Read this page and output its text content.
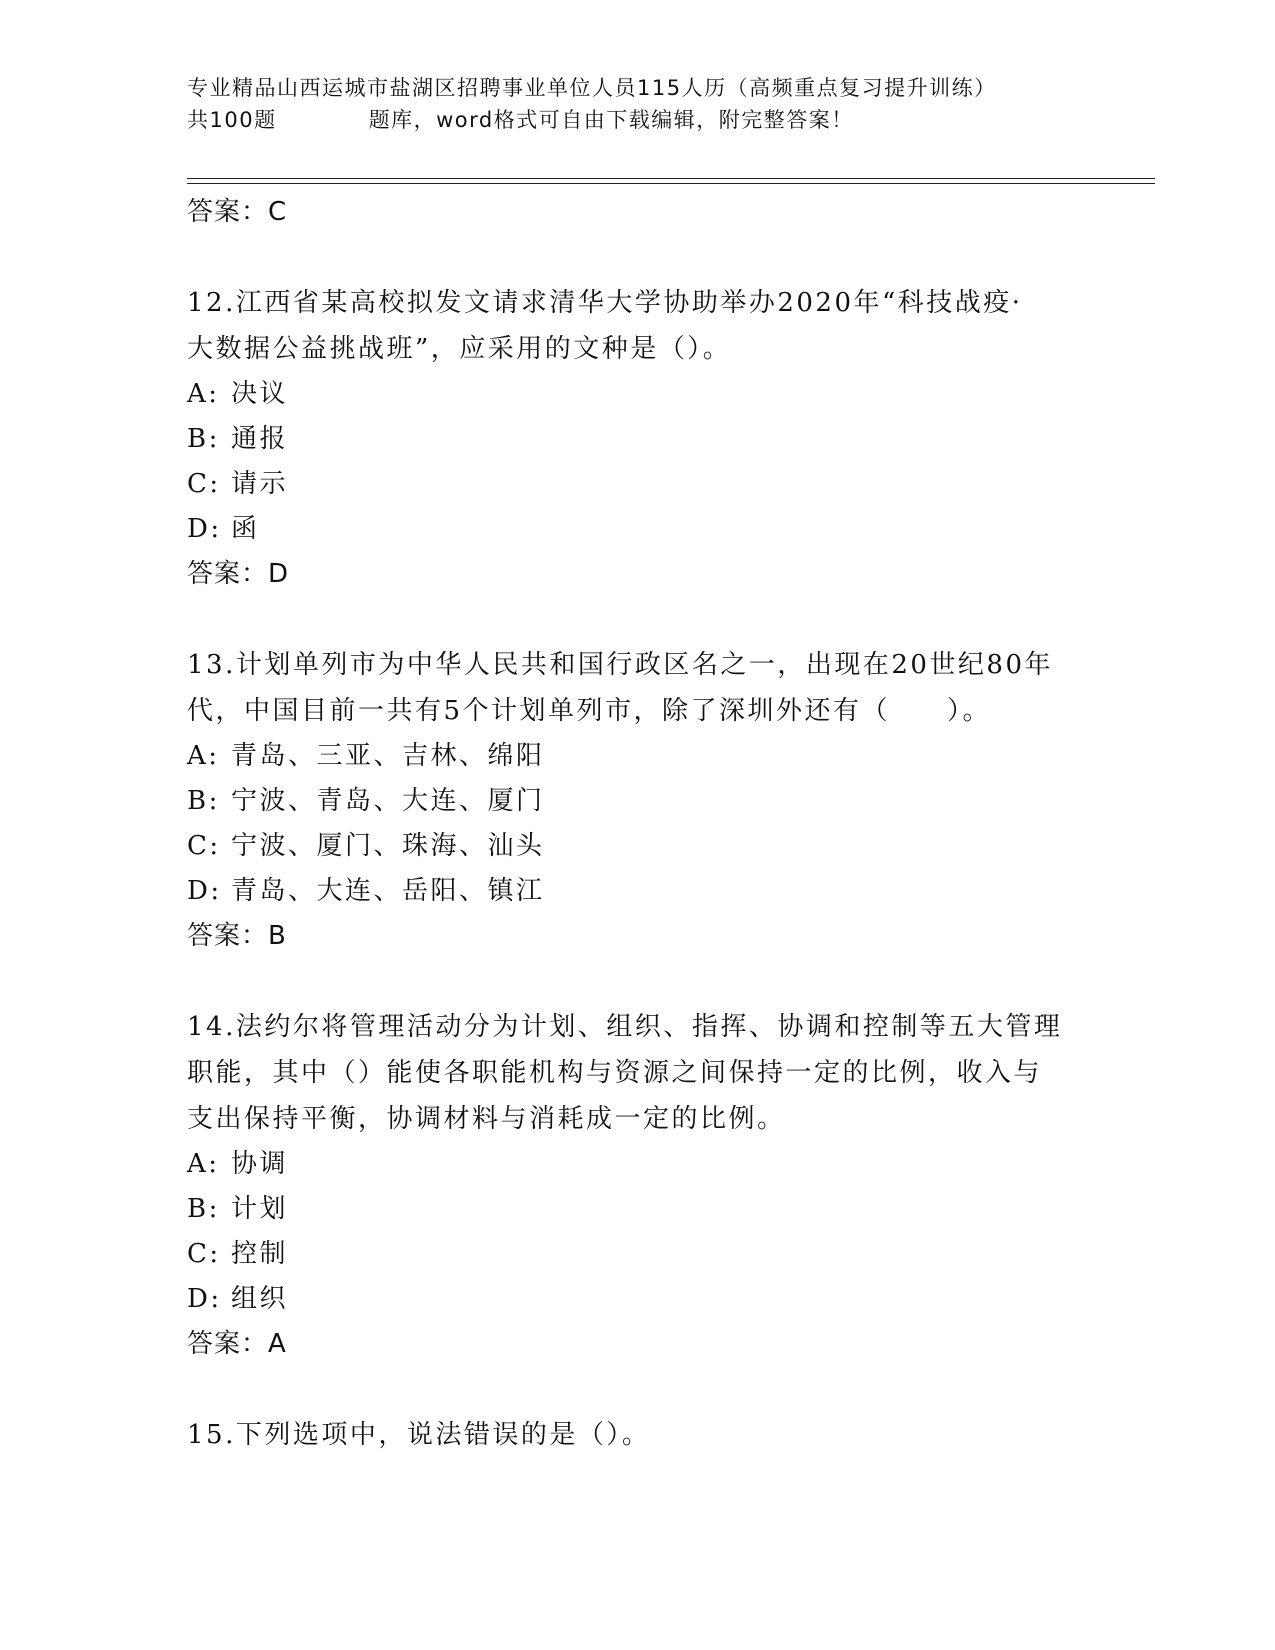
专业精品山西运城市盐湖区招聘事业单位人员115人历（高频重点复习提升训练）
共100题	题库，word格式可自由下载编辑，附完整答案！
答案：C
12.江西省某高校拟发文请求清华大学协助举办2020年“科技战疫·
大数据公益挑战班”，应采用的文种是（）。
A: 决议
B: 通报
C: 请示
D: 函
答案：D
13.计划单列市为中华人民共和国行政区名之一，出现在20世纪80年
代，中国目前一共有5个计划单列市，除了深圳外还有（　　）。
A: 青岛、三亚、吉林、绵阳
B: 宁波、青岛、大连、厦门
C: 宁波、厦门、珠海、汕头
D: 青岛、大连、岳阳、镇江
答案：B
14.法约尔将管理活动分为计划、组织、指挥、协调和控制等五大管理
职能，其中（）能使各职能机构与资源之间保持一定的比例，收入与
支出保持平衡，协调材料与消耗成一定的比例。
A: 协调
B: 计划
C: 控制
D: 组织
答案：A
15.下列选项中，说法错误的是（）。
